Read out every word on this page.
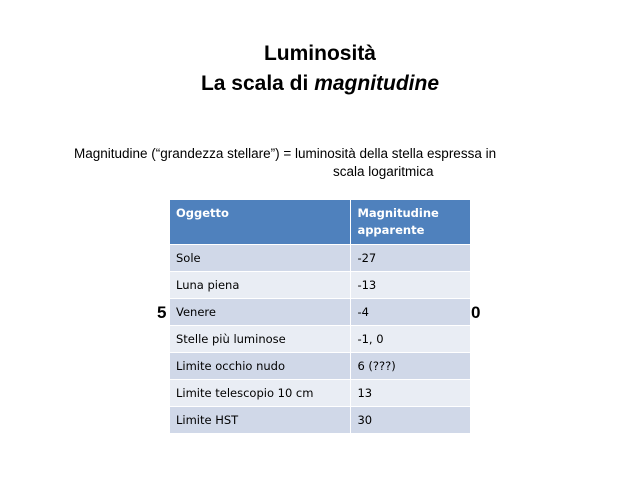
Luminosità
La scala di magnitudine
Magnitudine (“grandezza stellare”) = luminosità della stella espressa in
scala logaritmica
5	0
Oggetto	Magnitudine apparente
Sole	-27
Luna piena	-13
Venere	-4
Stelle più luminose	-1, 0
Limite occhio nudo	6 (???)
Limite telescopio 10 cm	13
Limite HST	30
